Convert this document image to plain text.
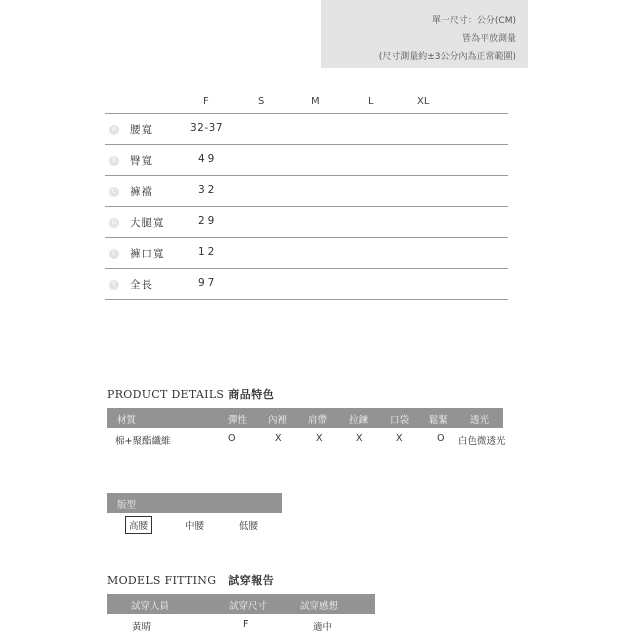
單一尺寸：公分(CM)
皆為平放測量
(尺寸測量約±3公分內為正常範圍)
F	S	M	L	XL
A 腰寬	32-37
B 臀寬	49
C 褲襠	32
D 大腿寬	29
E 褲口寬	12
F	全長	97
PRODUCT DETAILS 商品特色
材質	彈性 內裡 肩帶 拉鍊 口袋 鬆緊 透光
棉+聚酯纖維	O	X	X	X	X	O 白色微透光
版型
高腰	中腰	低腰
MODELS FITTING 試穿報告
試穿人員	試穿尺寸	試穿感想
黃晴	F	適中
